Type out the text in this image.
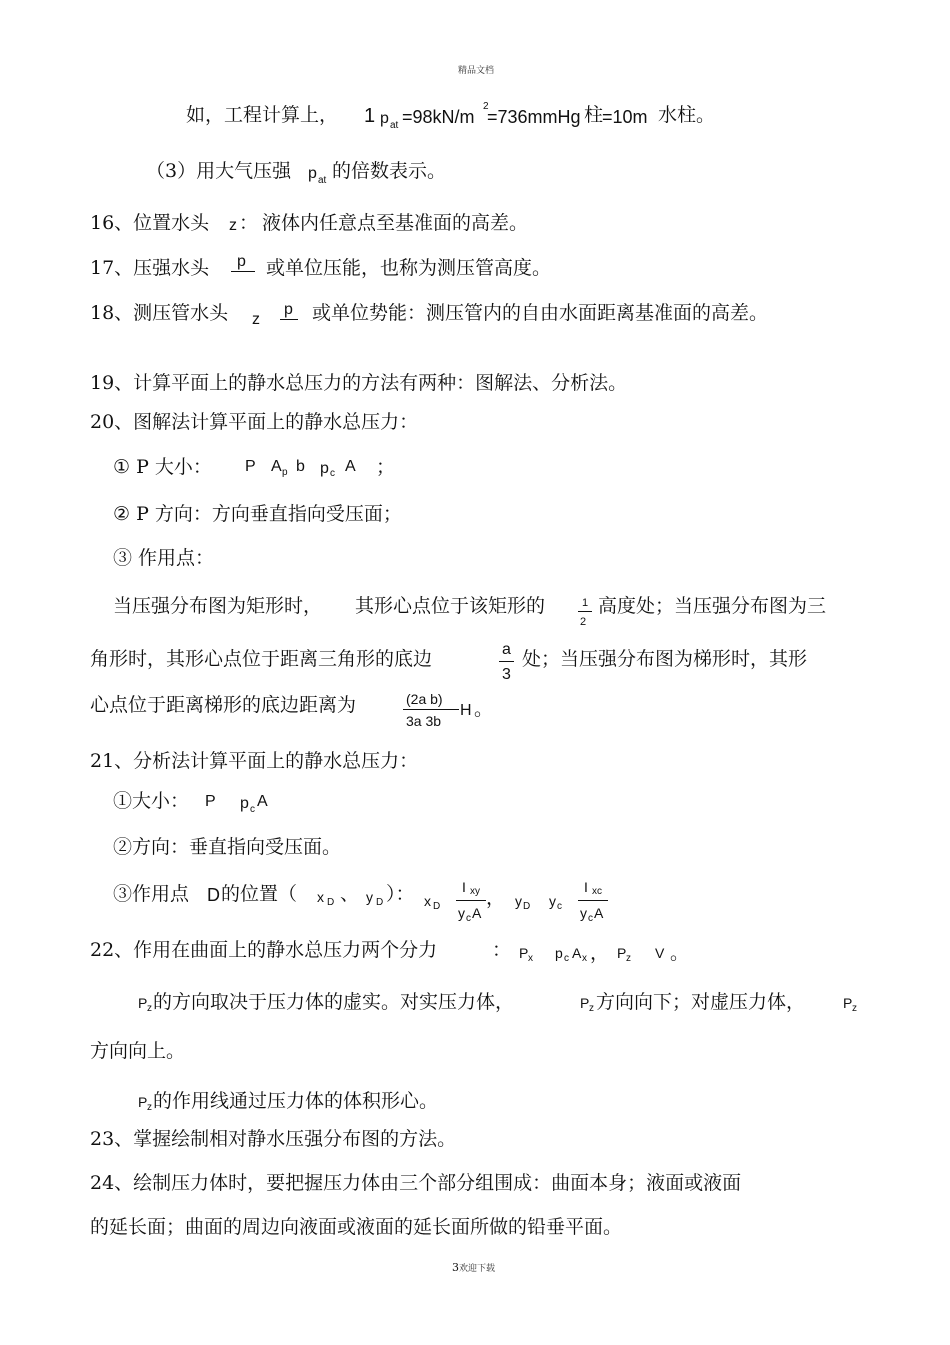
精品文档
如，工程计算上， 1 p at =98kN/m
2
=736mmHg 柱
=10m 水柱。
（3）用大气压强 p at 的倍数表示。
16、位置水头 z ： 液体内任意点至基准面的高差。
17、压强水头 p 或单位压能，也称为测压管高度。
18、测压管水头 z
p 或单位势能：测压管内的自由水面距离基准面的高差。
19、计算平面上的静水总压力的方法有两种：图解法、分析法。
20、图解法计算平面上的静水总压力：
① P 大小： P A p b p c A ；
② P 方向：方向垂直指向受压面；
③ 作用点：
当压强分布图为矩形时， 其形心点位于该矩形的	1
2
高度处；当压强分布图为三
角形时，其形心点位于距离三角形的底边	a
3
处；当压强分布图为梯形时，其形
心点位于距离梯形的底边距离为	(2a b)
3a 3b
H 。
21、分析法计算平面上的静水总压力：
①大小： P p c A
②方向：垂直指向受压面。
③作用点 D 的位置（ x D 、 y D ）： x D
I xy
y c A
， y D y c
I xc
y c A
22、作用在曲面上的静水总压力两个分力	： P x p c A x ， P z V 。
P z 的方向取决于压力体的虚实。对实压力体，	P z 方向向下；对虚压力体，	P z
方向向上。
P z 的作用线通过压力体的体积形心。
23、掌握绘制相对静水压强分布图的方法。
24、绘制压力体时，要把握压力体由三个部分组围成：曲面本身；液面或液面
的延长面；曲面的周边向液面或液面的延长面所做的铅垂平面。
3欢迎下载
